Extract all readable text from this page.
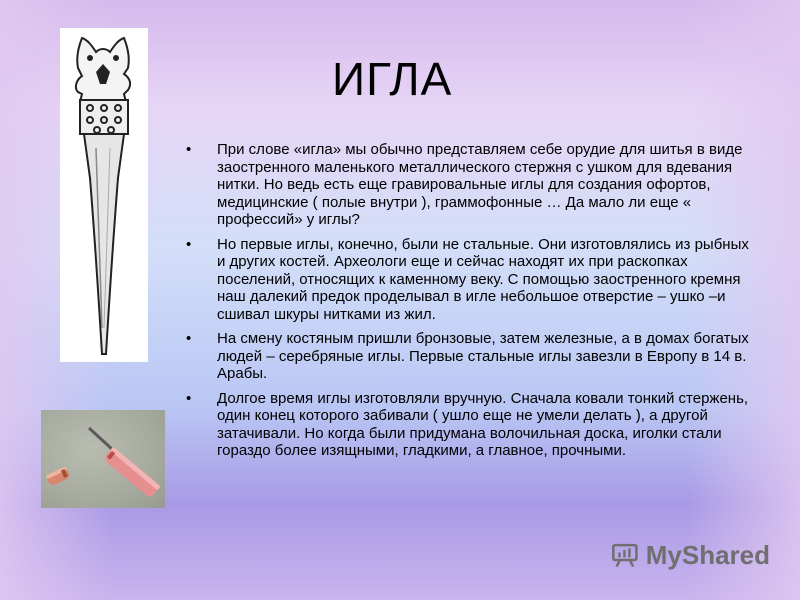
ИГЛА
• При слове «игла» мы обычно представляем себе орудие для шитья в виде заостренного маленького металлического стержня с ушком для вдевания нитки. Но ведь есть еще гравировальные иглы для создания офортов, медицинские ( полые внутри ), граммофонные … Да мало ли еще « профессий» у иглы?
• Но первые иглы, конечно, были не стальные. Они изготовлялись из рыбных и других костей. Археологи еще и сейчас находят их при раскопках поселений, относящих к каменному веку. С помощью заостренного кремня наш далекий предок проделывал в игле небольшое отверстие – ушко –и сшивал шкуры нитками из жил.
• На смену костяным пришли бронзовые, затем железные, а в домах богатых людей – серебряные иглы. Первые стальные иглы завезли в Европу в 14 в. Арабы.
• Долгое время иглы изготовляли вручную. Сначала ковали тонкий стержень, один конец которого забивали ( ушло еще не умели делать ), а другой затачивали. Но когда были придумана волочильная доска, иголки стали гораздо более изящными, гладкими, а главное, прочными.
MyShared
